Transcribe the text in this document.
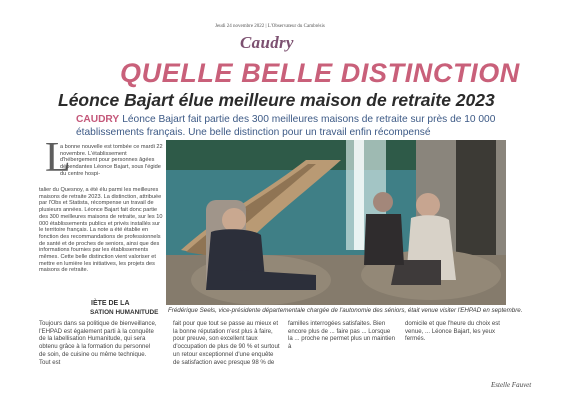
Jeudi 24 novembre 2022 | L'Observateur du Cambrésis
Caudry
QUELLE BELLE DISTINCTION
Léonce Bajart élue meilleure maison de retraite 2023
CAUDRY Léonce Bajart fait partie des 300 meilleures maisons de retraite sur près de 10 000 établissements français. Une belle distinction pour un travail enfin récompensé
L
a bonne nouvelle est tombée ce mardi 22 novembre. L'établissement d'hébergement pour personnes âgées dépendantes Léonce Bajart, sous l'égide du centre hospi-
talier du Quesnoy, a été élu parmi les meilleures maisons de retraite 2023. La distinction, attribuée par l'Obs et Statista, récompense un travail de plusieurs années. Léonce Bajart fait donc partie des 300 meilleures maisons de retraite, sur les 10 000 établissements publics et privés installés sur le territoire français. La note a été établie en fonction des recommandations de professionnels de santé et de proches de seniors, ainsi que des informations fournies par les établissements mêmes. Cette belle distinction vient valoriser et mettre en lumière les initiatives, les projets des maisons de retraite.
IÈTE DE LA
SATION HUMANITUDE Frédérique Seels, vice-présidente départementale chargée de l'autonomie des séniors, était venue visiter l'EHPAD en septembre.
Toujours dans sa politique de bienveillance, l'EHPAD est également parti à la conquête de la labellisation Humanitude, qui sera obtenu grâce à la formation du personnel de soin, de cuisine ou même technique. Tout est
fait pour que tout se passe au mieux et la bonne réputation n'est plus à faire, pour preuve, son excellent taux d'occupation de plus de 90 % et surtout un retour exceptionnel d'une enquête de satisfaction avec presque 98 % de
familles interrogées satisfaites. Bien encore plus de ... faire pas ... Lorsque la ... proche ne permet plus un maintien à
domicile et que l'heure du choix est venue, ... Léonce Bajart, les yeux fermés.
Estelle Fauvet
